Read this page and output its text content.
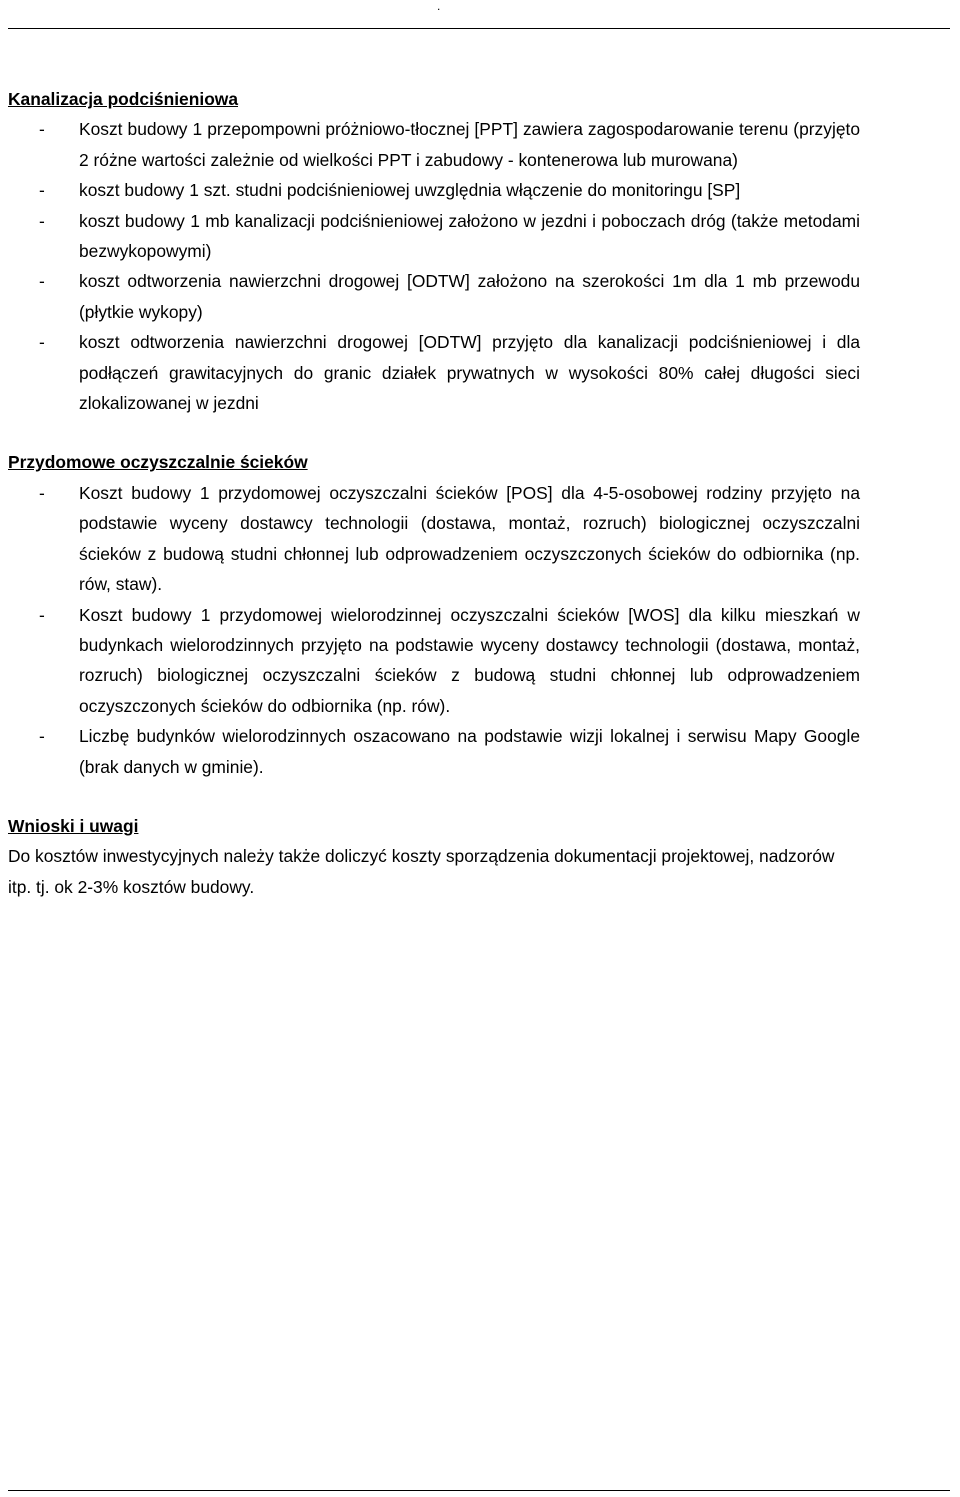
.
Kanalizacja podciśnieniowa
- Koszt budowy 1 przepompowni próżniowo-tłocznej [PPT] zawiera zagospodarowanie terenu (przyjęto 2 różne wartości zależnie od wielkości PPT i zabudowy - kontenerowa lub murowana)
- koszt budowy 1 szt. studni podciśnieniowej uwzględnia włączenie do monitoringu [SP]
- koszt budowy 1 mb kanalizacji podciśnieniowej założono w jezdni i poboczach dróg (także metodami bezwykopowymi)
- koszt odtworzenia nawierzchni drogowej [ODTW] założono na szerokości 1m dla 1 mb przewodu (płytkie wykopy)
- koszt odtworzenia nawierzchni drogowej [ODTW] przyjęto dla kanalizacji podciśnieniowej i dla podłączeń grawitacyjnych do granic działek prywatnych w wysokości 80% całej długości sieci zlokalizowanej w jezdni
Przydomowe oczyszczalnie ścieków
- Koszt budowy 1 przydomowej oczyszczalni ścieków [POS] dla 4-5-osobowej rodziny przyjęto na podstawie wyceny dostawcy technologii (dostawa, montaż, rozruch) biologicznej oczyszczalni ścieków z budową studni chłonnej lub odprowadzeniem oczyszczonych ścieków do odbiornika (np. rów, staw).
- Koszt budowy 1 przydomowej wielorodzinnej oczyszczalni ścieków [WOS] dla kilku mieszkań w budynkach wielorodzinnych przyjęto na podstawie wyceny dostawcy technologii (dostawa, montaż, rozruch) biologicznej oczyszczalni ścieków z budową studni chłonnej lub odprowadzeniem oczyszczonych ścieków do odbiornika (np. rów).
- Liczbę budynków wielorodzinnych oszacowano na podstawie wizji lokalnej i serwisu Mapy Google (brak danych w gminie).
Wnioski i uwagi

Do kosztów inwestycyjnych należy także doliczyć koszty sporządzenia dokumentacji projektowej, nadzorów itp. tj. ok 2-3% kosztów budowy.
